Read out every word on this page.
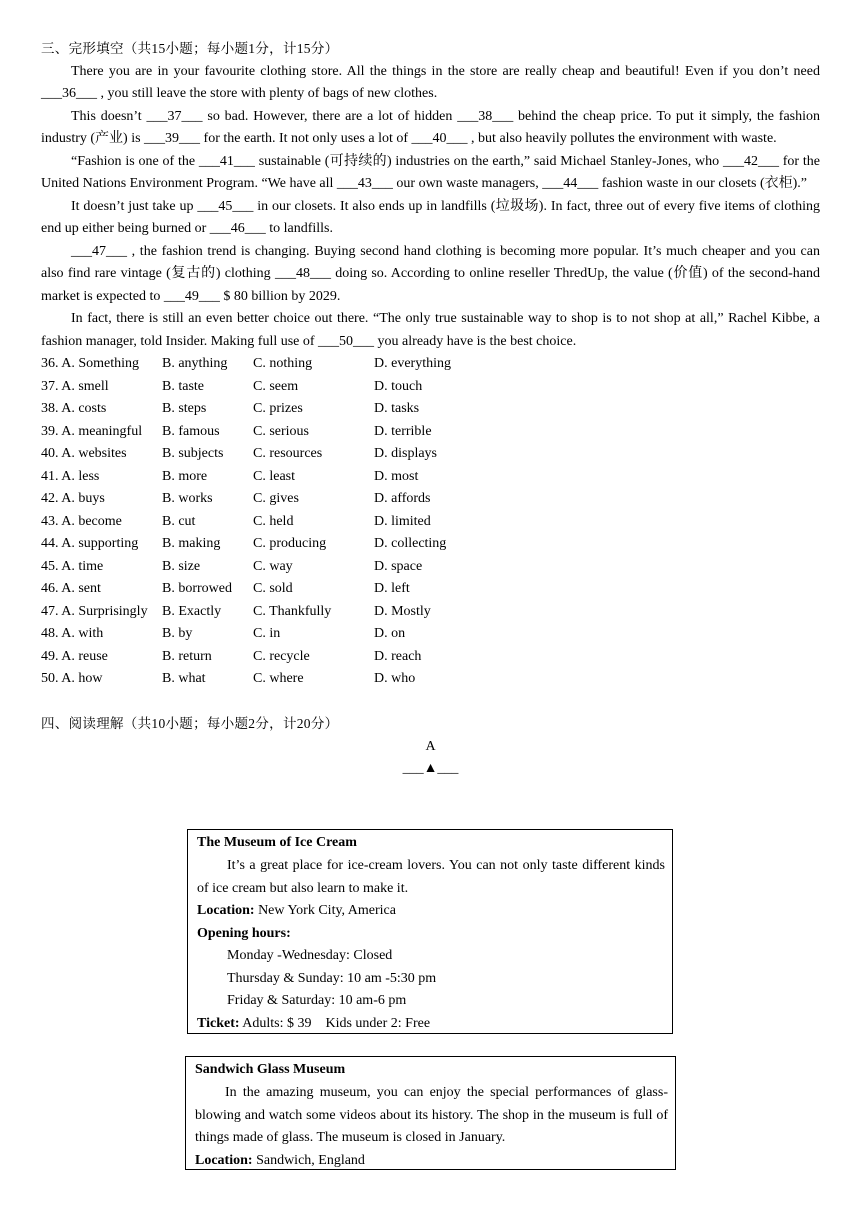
三、完形填空（共15小题；每小题1分，计15分）

There you are in your favourite clothing store. All the things in the store are really cheap and beautiful! Even if you don’t need ___36___ , you still leave the store with plenty of bags of new clothes.

This doesn’t ___37___ so bad. However, there are a lot of hidden ___38___ behind the cheap price. To put it simply, the fashion industry (产业) is ___39___ for the earth. It not only uses a lot of ___40___ , but also heavily pollutes the environment with waste.

“Fashion is one of the ___41___ sustainable (可持续的) industries on the earth,” said Michael Stanley-Jones, who ___42___ for the United Nations Environment Program. “We have all ___43___ our own waste managers, ___44___ fashion waste in our closets (衣柜).”

It doesn’t just take up ___45___ in our closets. It also ends up in landfills (垃圾场). In fact, three out of every five items of clothing end up either being burned or ___46___ to landfills.

___47___ , the fashion trend is changing. Buying second hand clothing is becoming more popular. It’s much cheaper and you can also find rare vintage (复古的) clothing ___48___ doing so. According to online reseller ThredUp, the value (价值) of the second-hand market is expected to ___49___ $ 80 billion by 2029.

In fact, there is still an even better choice out there. “The only true sustainable way to shop is to not shop at all,” Rachel Kibbe, a fashion manager, told Insider. Making full use of ___50___ you already have is the best choice.

36. A. Something	B. anything	C. nothing	D. everything
37. A. smell	B. taste	C. seem	D. touch
38. A. costs	B. steps	C. prizes	D. tasks
39. A. meaningful	B. famous	C. serious	D. terrible
40. A. websites	B. subjects	C. resources	D. displays
41. A. less	B. more	C. least	D. most
42. A. buys	B. works	C. gives	D. affords
43. A. become	B. cut	C. held	D. limited
44. A. supporting	B. making	C. producing	D. collecting
45. A. time	B. size	C. way	D. space
46. A. sent	B. borrowed	C. sold	D. left
47. A. Surprisingly	B. Exactly	C. Thankfully	D. Mostly
48. A. with	B. by	C. in	D. on
49. A. reuse	B. return	C. recycle	D. reach
50. A. how	B. what	C. where	D. who
四、阅读理解（共10小题；每小题2分，计20分）
A
___▲___
The Museum of Ice Cream
It’s a great place for ice-cream lovers. You can not only taste different kinds of ice cream but also learn to make it.
Location: New York City, America
Opening hours:
Monday -Wednesday: Closed
Thursday & Sunday: 10 am -5:30 pm
Friday & Saturday: 10 am-6 pm
Ticket: Adults: $ 39    Kids under 2: Free
Sandwich Glass Museum
In the amazing museum, you can enjoy the special performances of glass-blowing and watch some videos about its history. The shop in the museum is full of things made of glass. The museum is closed in January.
Location: Sandwich, England
